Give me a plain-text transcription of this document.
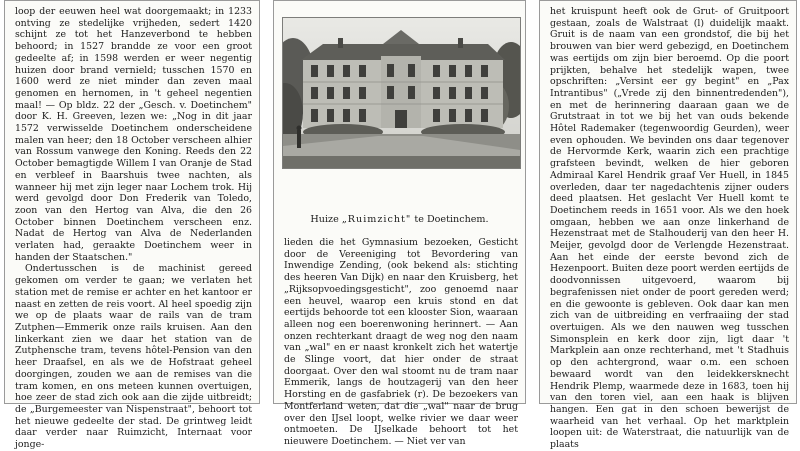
loop der eeuwen heel wat doorgemaakt; in 1233 ontving ze stedelijke vrijheden, sedert 1420 schijnt ze tot het Hanzeverbond te hebben behoord; in 1527 brandde ze voor een groot gedeelte af; in 1598 werden er weer negentig huizen door brand vernield; tusschen 1570 en 1600 werd ze niet minder dan zeven maal genomen en hernomen, in 't geheel negentien maal! — Op bldz. 22 der „Gesch. v. Doetinchem" door K. H. Greeven, lezen we: „Nog in dit jaar 1572 verwisselde Doetinchem onderscheidene malen van heer; den 18 October verscheen alhier van Rossum vanwege den Koning. Reeds den 22 October bemagtigde Willem I van Oranje de Stad en verbleef in Baarshuis twee nachten, als wanneer hij met zijn leger naar Lochem trok. Hij werd gevolgd door Don Frederik van Toledo, zoon van den Hertog van Alva, die den 26 October binnen Doetinchem verscheen enz. Nadat de Hertog van Alva de Nederlanden verlaten had, geraakte Doetinchem weer in handen der Staatschen."

Ondertusschen is de machinist gereed gekomen om verder te gaan; we verlaten het station met de remise er achter en het kantoor er naast en zetten de reis voort. Al heel spoedig zijn we op de plaats waar de rails van de tram Zutphen—Emmerik onze rails kruisen. Aan den linkerkant zien we daar het station van de Zutphensche tram, tevens hôtel-Pension van den heer Draafsel, en als we de Hofstraat geheel doorgingen, zouden we aan de remises van die tram komen, en ons meteen kunnen overtuigen, hoe zeer de stad zich ook aan die zijde uitbreidt; de „Burgemeester van Nispenstraat", behoort tot het nieuwe gedeelte der stad. De grintweg leidt daar verder naar Ruimzicht, Internaat voor jonge-

Huize „Ruimzicht" te Doetinchem.

lieden die het Gymnasium bezoeken, Gesticht door de Vereeniging tot Bevordering van Inwendige Zending, (ook bekend als: stichting des heeren Van Dijk) en naar den Kruisberg, het „Rijksopvoedingsgesticht", zoo genoemd naar een heuvel, waarop een kruis stond en dat eertijds behoorde tot een klooster Sion, waaraan alleen nog een boerenwoning herinnert. — Aan onzen rechterkant draagt de weg nog den naam van „wal" en er naast kronkelt zich het watertje de Slinge voort, dat hier onder de straat doorgaat. Over den wal stoomt nu de tram naar Emmerik, langs de houtzagerij van den heer Horsting en de gasfabriek (r). De bezoekers van Montferland weten, dat die „wal" naar de brug over den IJsel loopt, welke rivier we daar weer ontmoeten. De IJselkade behoort tot het nieuwere Doetinchem. — Niet ver van

het kruispunt heeft ook de Grut- of Gruitpoort gestaan, zoals de Walstraat (l) duidelijk maakt. Gruit is de naam van een grondstof, die bij het brouwen van bier werd gebezigd, en Doetinchem was eertijds om zijn bier beroemd. Op die poort prijkten, behalve het stedelijk wapen, twee opschriften: „Versint eer gy begint" en „Pax Intrantibus" („Vrede zij den binnentredenden"), en met de herinnering daaraan gaan we de Grutstraat in tot we bij het van ouds bekende Hôtel Rademaker (tegenwoordig Geurden), weer even ophouden. We bevinden ons daar tegenover de Hervormde Kerk, waarin zich een prachtige grafsteen bevindt, welken de hier geboren Admiraal Karel Hendrik graaf Ver Huell, in 1845 overleden, daar ter nagedachtenis zijner ouders deed plaatsen. Het geslacht Ver Huell komt te Doetinchem reeds in 1651 voor. Als we den hoek omgaan, hebben we aan onze linkerhand de Hezenstraat met de Stalhouderij van den heer H. Meijer, gevolgd door de Verlengde Hezenstraat. Aan het einde der eerste bevond zich de Hezenpoort. Buiten deze poort werden eertijds de doodvonnissen uitgevoerd, waarom bij begrafenissen niet onder de poort gereden werd; en die gewoonte is gebleven. Ook daar kan men zich van de uitbreiding en verfraaiing der stad overtuigen. Als we den nauwen weg tusschen Simonsplein en kerk door zijn, ligt daar 't Markplein aan onze rechterhand, met 't Stadhuis op den achtergrond, waar o.m. een schoen bewaard wordt van den leidekkersknecht Hendrik Plemp, waarmede deze in 1683, toen hij van den toren viel, aan een haak is blijven hangen. Een gat in den schoen bewerijst de waarheid van het verhaal. Op het marktplein loopen uit: de Waterstraat, die natuurlijk van de plaats
